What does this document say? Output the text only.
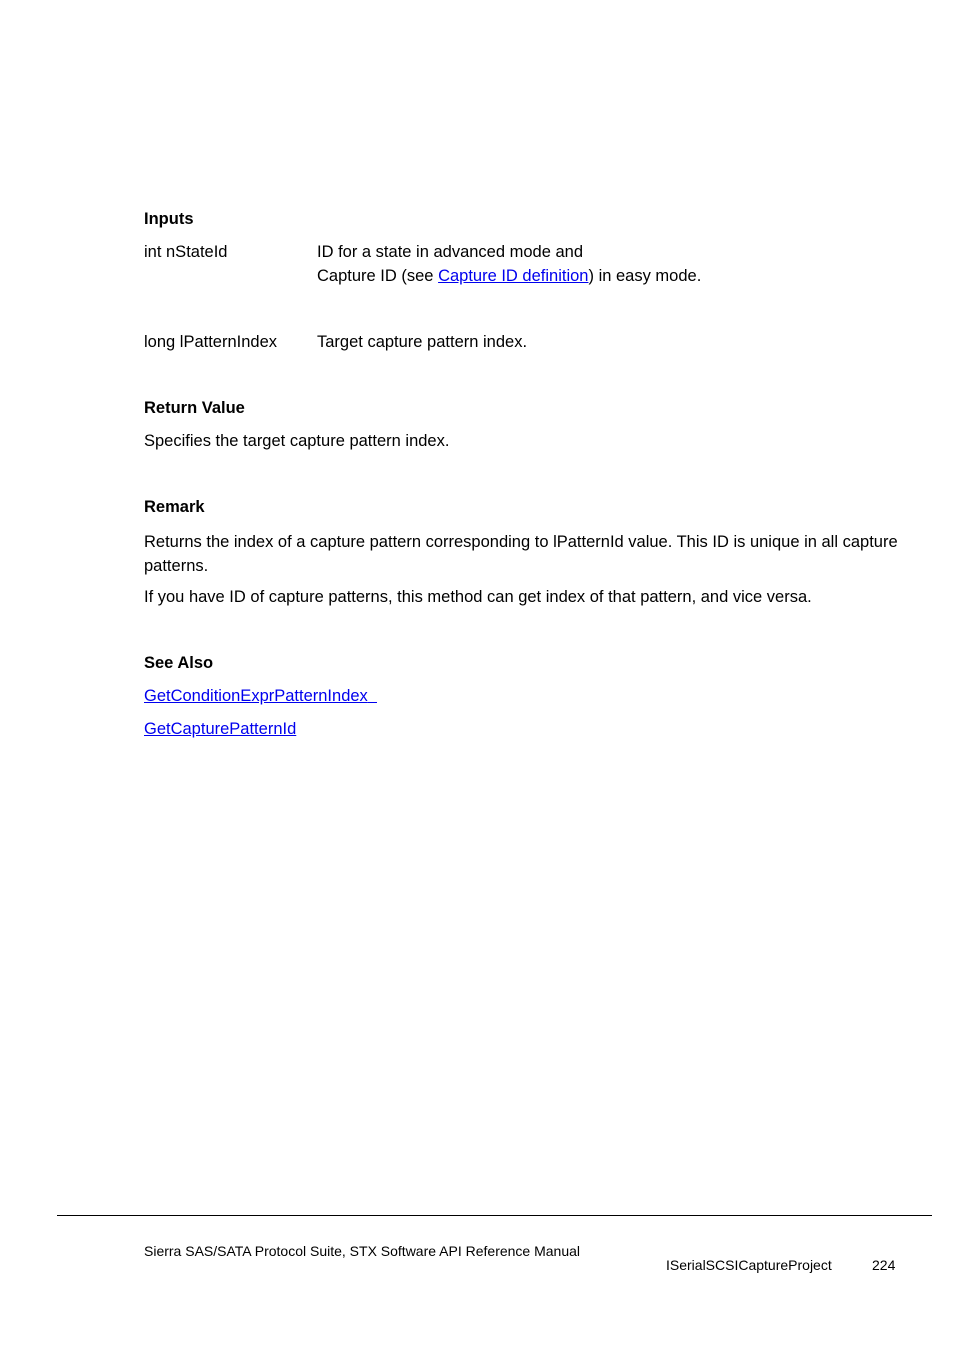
Inputs
int nStateId	ID for a state in advanced mode and
Capture ID (see Capture ID definition) in easy mode.
long lPatternIndex Target capture pattern index.
Return Value
Specifies the target capture pattern index.
Remark
Returns the index of a capture pattern corresponding to lPatternId value. This ID is unique in all capture patterns.
If you have ID of capture patterns, this method can get index of that pattern, and vice versa.
See Also
GetConditionExprPatternIndex
GetCapturePatternId
Sierra SAS/SATA Protocol Suite, STX Software API Reference Manual
ISerialSCSICaptureProject	224
